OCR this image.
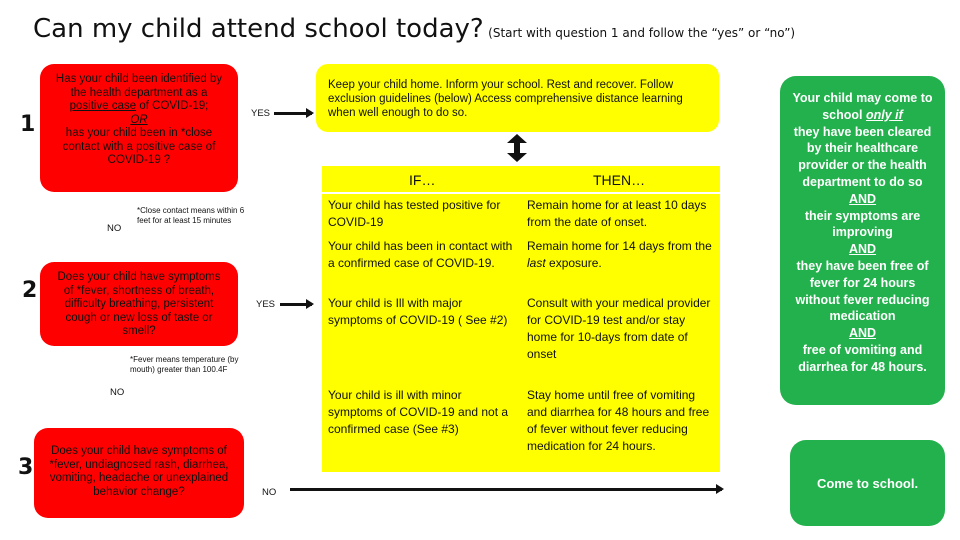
Can my child attend school today? (Start with question 1 and follow the “yes” or “no”)
1
Has your child been identified by the health department as a positive case of COVID-19;
OR
has your child been in *close contact with a positive case of COVID-19 ?
YES
NO
*Close contact means within 6 feet for at least 15 minutes
2
Does your child have symptoms of *fever, shortness of breath, difficulty breathing, persistent cough or new loss of taste or smell?
YES
*Fever means temperature (by mouth) greater than 100.4F
NO
3
Does your child have symptoms of *fever, undiagnosed rash, diarrhea, vomiting, headache or unexplained behavior change?	NO
Keep your child home. Inform your school. Rest and recover. Follow exclusion guidelines (below) Access comprehensive distance learning when well enough to do so.
IF…	THEN…
Your child has tested positive for COVID-19
Remain home for at least 10 days from the date of onset.
Your child has been in contact with a confirmed case of COVID-19.
Remain home for 14 days from the last exposure.
Your child is Ill with major symptoms of COVID-19 ( See #2)
Consult with your medical provider for COVID-19 test and/or stay home for 10-days from date of onset
Your child is ill with minor symptoms of COVID-19 and not a confirmed case (See #3)
Stay home until free of vomiting and diarrhea for 48 hours and free of fever without fever reducing medication for 24 hours.
Your child may come to school only if
they have been cleared by their healthcare provider or the health department to do so
AND
their symptoms are improving
AND
they have been free of fever for 24 hours without fever reducing medication
AND
free of vomiting and diarrhea for 48 hours.
Come to school.
